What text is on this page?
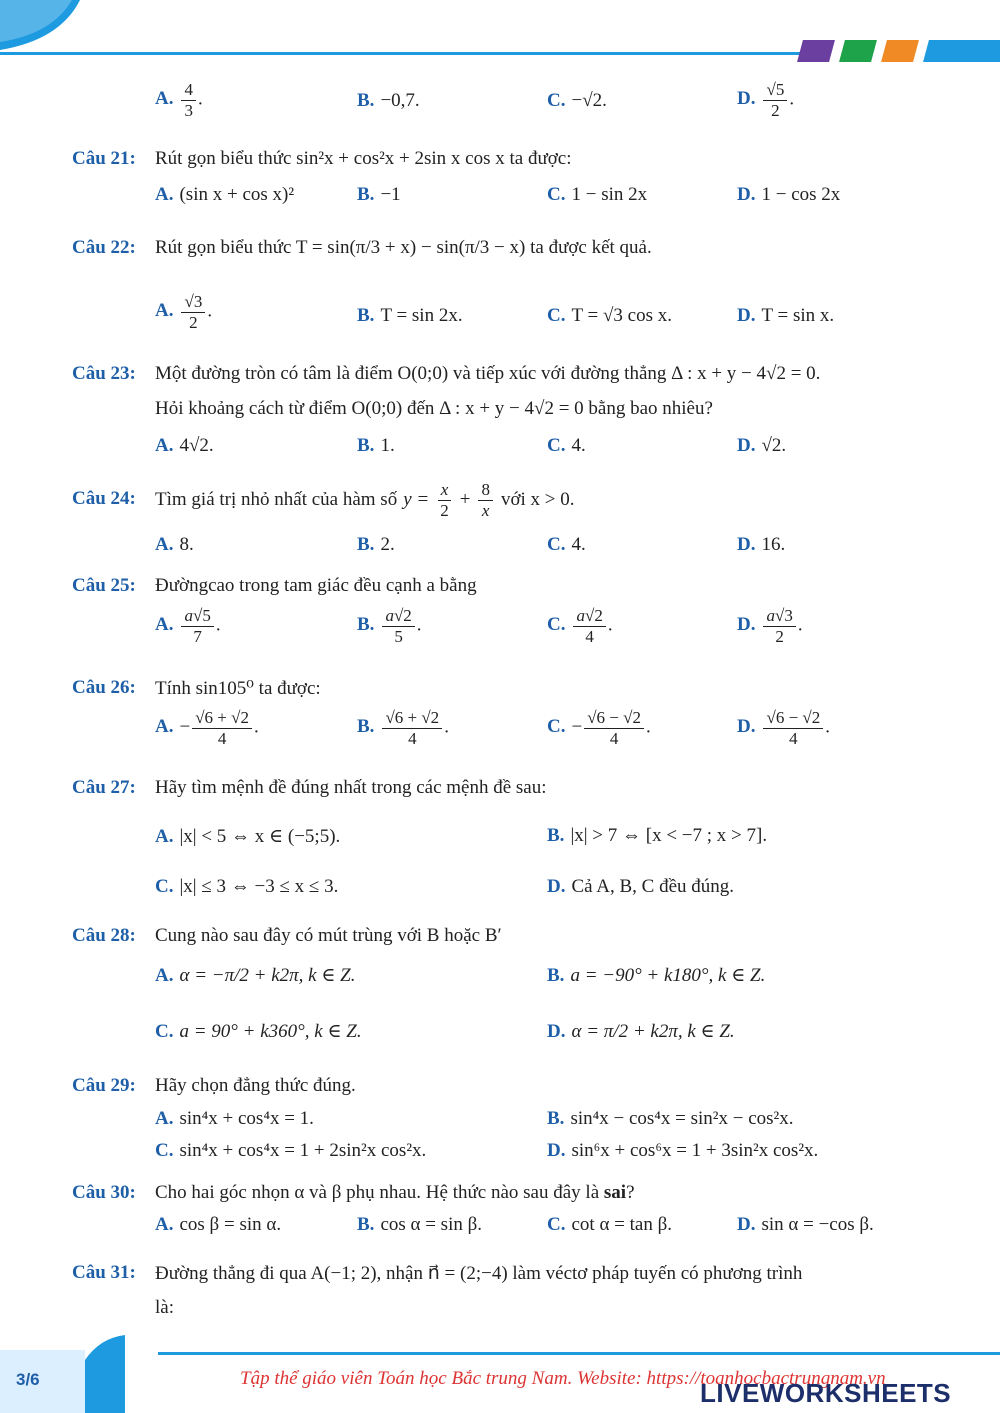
A. $\frac{4}{3}$ .	B. −0,7.	C. −√2.	D. $\frac{√5}{2}$ .
Câu 21: Rút gọn biểu thức sin²x + cos²x + 2sin x cos x ta được:
A. (sin x + cos x)²	B. −1	C. 1 − sin 2x	D. 1 − cos 2x
Câu 22: Rút gọn biểu thức T = sin(π/3 + x) − sin(π/3 − x) ta được kết quả.
A. $\frac{√3}{2}$ .	B. T = sin 2x.	C. T = √3 cos x.	D. T = sin x.
Câu 23: Một đường tròn có tâm là điểm O(0;0) và tiếp xúc với đường thẳng Δ : x + y − 4√2 = 0.
Hỏi khoảng cách từ điểm O(0;0) đến Δ : x + y − 4√2 = 0 bằng bao nhiêu?
A. 4√2.	B. 1.	C. 4.	D. √2.
Câu 24: Tìm giá trị nhỏ nhất của hàm số $y = \frac{x}{2} + \frac{8}{x}$ với x > 0.
A. 8.	B. 2.	C. 4.	D. 16.
Câu 25: Đườngcao trong tam giác đều cạnh a bằng
A. $\frac{a√5}{7}$ .	B. $\frac{a√2}{5}$ .	C. $\frac{a√2}{4}$ .	D. $\frac{a√3}{2}$ .
Câu 26: Tính sin105⁰ ta được:
A. − $\frac{√6 + √2}{4}$ .	B. $\frac{√6 + √2}{4}$ .	C. − $\frac{√6 - √2}{4}$ .	D. $\frac{√6 - √2}{4}$ .
Câu 27: Hãy tìm mệnh đề đúng nhất trong các mệnh đề sau:
A. |x| < 5 ⇔ x ∈ (−5;5).	B. |x| > 7 ⇔ [x < −7 ; x > 7].
C. |x| ≤ 3 ⇔ −3 ≤ x ≤ 3.	D. Cả A, B, C đều đúng.
Câu 28: Cung nào sau đây có mút trùng với B hoặc B′
A. α = −π/2 + k2π, k ∈ Z.	B. a = −90° + k180°, k ∈ Z.
C. a = 90° + k360°, k ∈ Z.	D. α = π/2 + k2π, k ∈ Z.
Câu 29: Hãy chọn đẳng thức đúng.
A. sin⁴x + cos⁴x = 1.	B. sin⁴x − cos⁴x = sin²x − cos²x.
C. sin⁴x + cos⁴x = 1 + 2sin²x cos²x.	D. sin⁶x + cos⁶x = 1 + 3sin²x cos²x.
Câu 30: Cho hai góc nhọn α và β phụ nhau. Hệ thức nào sau đây là sai?
A. cos β = sin α.	B. cos α = sin β.	C. cot α = tan β.	D. sin α = −cos β.
Câu 31: Đường thẳng đi qua A(−1; 2), nhận n⃗ = (2;−4) làm véctơ pháp tuyến có phương trình
là:
3/6	Tập thể giáo viên Toán học Bắc trung Nam. Website: https://toanhocbactrungnam.vn
LIVEWORKSHEETS
